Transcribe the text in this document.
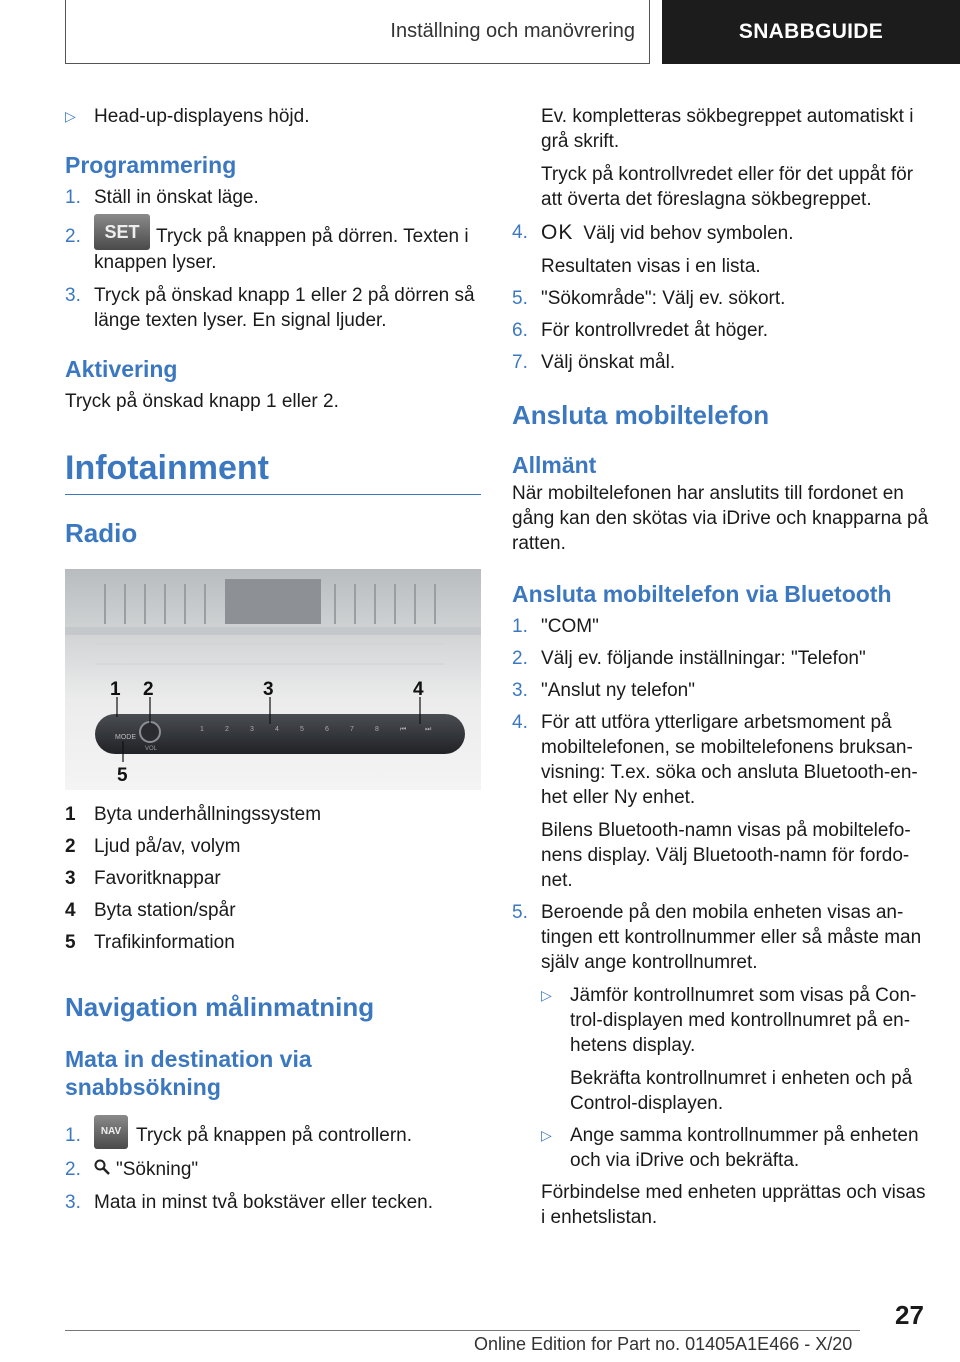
Inställning och manövrering	SNABBGUIDE
▷ Head-up-displayens höjd.
Programmering
1. Ställ in önskat läge.
2.	SET Tryck på knappen på dörren. Texten i knappen lyser.
3. Tryck på önskad knapp 1 eller 2 på dörren så länge texten lyser. En signal ljuder.
Aktivering

Tryck på önskad knapp 1 eller 2.

Infotainment
Radio
MODE
VOL
1	2	3	4	5	6	7	8	⏮	⏭
1 2	3	4
5
1 Byta underhållningssystem
2 Ljud på/av, volym
3 Favoritknappar
4 Byta station/spår
5 Trafikinformation
Navigation målinmatning
Mata in destination via snabbsökning
1.	NAV Tryck på knappen på controllern.
2.	"Sökning"
3. Mata in minst två bokstäver eller tecken.

Ev. kompletteras sökbegreppet automatiskt i grå skrift.

Tryck på kontrollvredet eller för det uppåt för att överta det föreslagna sökbegreppet.

4. OK Välj vid behov symbolen.

Resultaten visas i en lista.

5. "Sökområde": Välj ev. sökort.
6. För kontrollvredet åt höger.
7. Välj önskat mål.
Ansluta mobiltelefon
Allmänt

När mobiltelefonen har anslutits till fordonet en gång kan den skötas via iDrive och knapparna på ratten.

Ansluta mobiltelefon via Bluetooth
1. "COM"
2. Välj ev. följande inställningar: "Telefon"
3. "Anslut ny telefon"
4. För att utföra ytterligare arbetsmoment på mobiltelefonen, se mobiltelefonens bruksanvisning: T.ex. söka och ansluta Bluetooth-enhet eller Ny enhet.

Bilens Bluetooth-namn visas på mobiltelefonens display. Välj Bluetooth-namn för fordonet.

5. Beroende på den mobila enheten visas antingen ett kontrollnummer eller så måste man själv ange kontrollnumret.
▷ Jämför kontrollnumret som visas på Control-displayen med kontrollnumret på enhetens display.

Bekräfta kontrollnumret i enheten och på Control-displayen.

▷ Ange samma kontrollnummer på enheten och via iDrive och bekräfta.

Förbindelse med enheten upprättas och visas i enhetslistan.

27
Online Edition for Part no. 01405A1E466 - X/20
